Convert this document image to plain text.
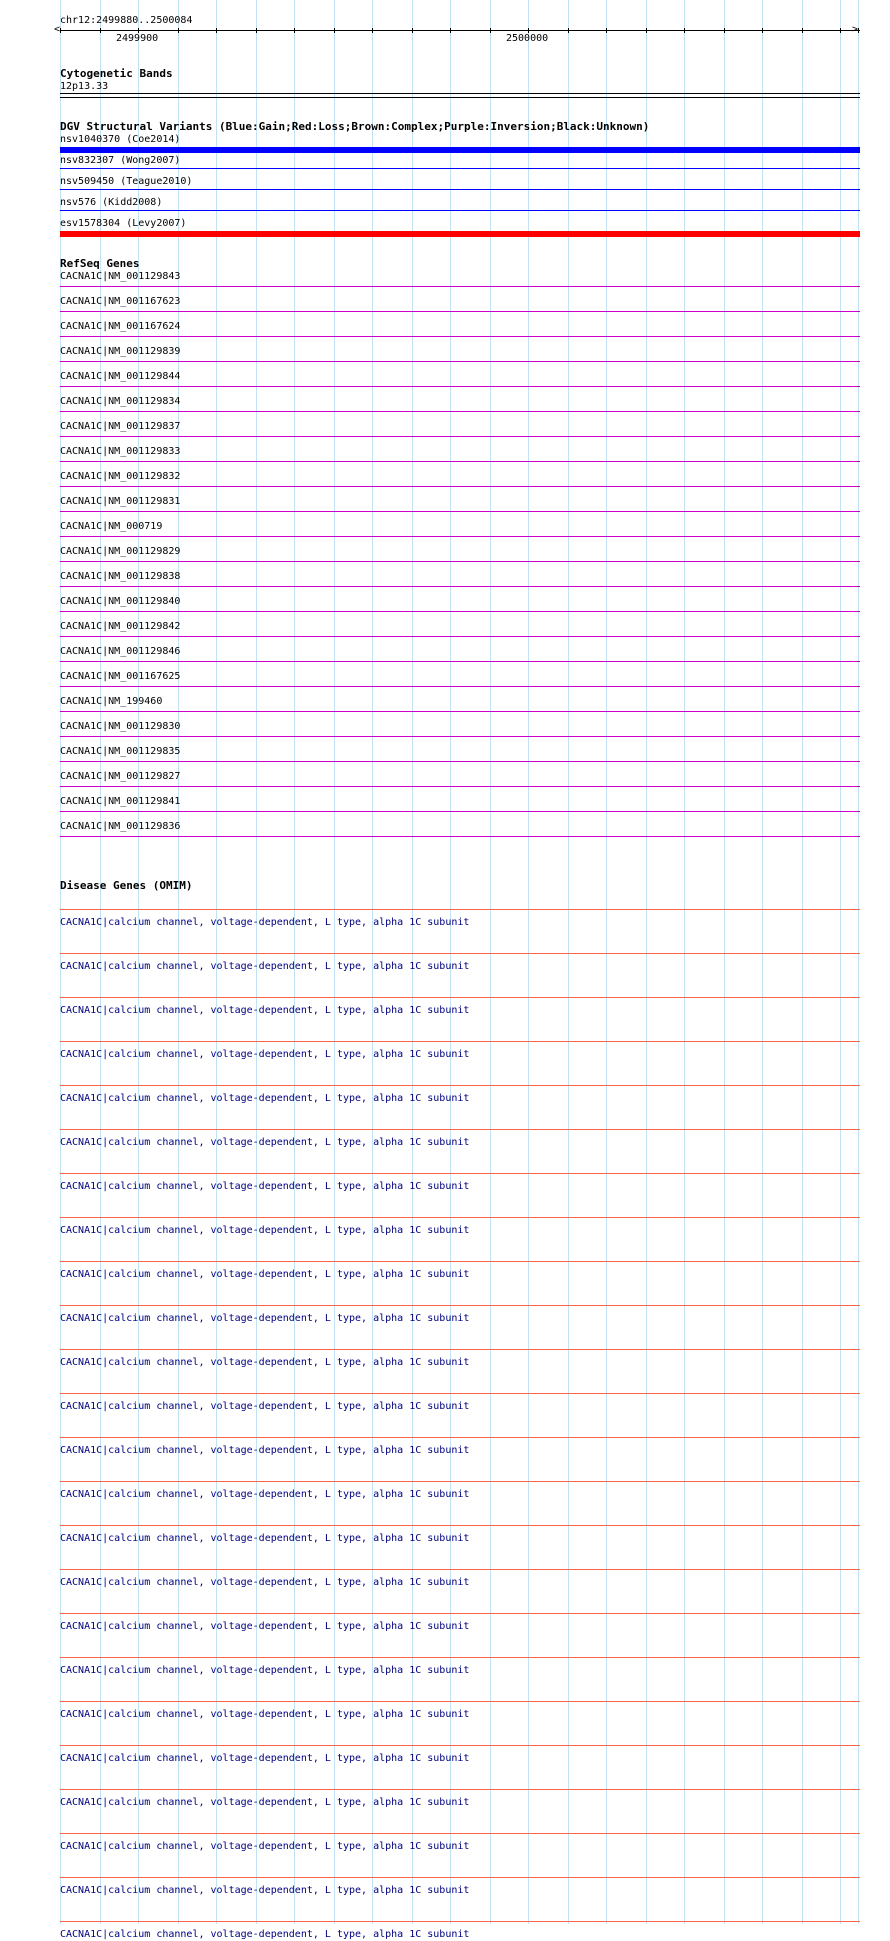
chr12:2499880..2500084
<	>
2499900	2500000
Cytogenetic Bands
12p13.33
DGV Structural Variants (Blue:Gain;Red:Loss;Brown:Complex;Purple:Inversion;Black:Unknown)
nsv1040370 (Coe2014)
nsv832307 (Wong2007)
nsv509450 (Teague2010)
nsv576 (Kidd2008)
esv1578304 (Levy2007)
RefSeq Genes
CACNA1C|NM_001129843
CACNA1C|NM_001167623
CACNA1C|NM_001167624
CACNA1C|NM_001129839
CACNA1C|NM_001129844
CACNA1C|NM_001129834
CACNA1C|NM_001129837
CACNA1C|NM_001129833
CACNA1C|NM_001129832
CACNA1C|NM_001129831
CACNA1C|NM_000719
CACNA1C|NM_001129829
CACNA1C|NM_001129838
CACNA1C|NM_001129840
CACNA1C|NM_001129842
CACNA1C|NM_001129846
CACNA1C|NM_001167625
CACNA1C|NM_199460
CACNA1C|NM_001129830
CACNA1C|NM_001129835
CACNA1C|NM_001129827
CACNA1C|NM_001129841
CACNA1C|NM_001129836
Disease Genes (OMIM)
CACNA1C|calcium channel, voltage-dependent, L type, alpha 1C subunit
CACNA1C|calcium channel, voltage-dependent, L type, alpha 1C subunit
CACNA1C|calcium channel, voltage-dependent, L type, alpha 1C subunit
CACNA1C|calcium channel, voltage-dependent, L type, alpha 1C subunit
CACNA1C|calcium channel, voltage-dependent, L type, alpha 1C subunit
CACNA1C|calcium channel, voltage-dependent, L type, alpha 1C subunit
CACNA1C|calcium channel, voltage-dependent, L type, alpha 1C subunit
CACNA1C|calcium channel, voltage-dependent, L type, alpha 1C subunit
CACNA1C|calcium channel, voltage-dependent, L type, alpha 1C subunit
CACNA1C|calcium channel, voltage-dependent, L type, alpha 1C subunit
CACNA1C|calcium channel, voltage-dependent, L type, alpha 1C subunit
CACNA1C|calcium channel, voltage-dependent, L type, alpha 1C subunit
CACNA1C|calcium channel, voltage-dependent, L type, alpha 1C subunit
CACNA1C|calcium channel, voltage-dependent, L type, alpha 1C subunit
CACNA1C|calcium channel, voltage-dependent, L type, alpha 1C subunit
CACNA1C|calcium channel, voltage-dependent, L type, alpha 1C subunit
CACNA1C|calcium channel, voltage-dependent, L type, alpha 1C subunit
CACNA1C|calcium channel, voltage-dependent, L type, alpha 1C subunit
CACNA1C|calcium channel, voltage-dependent, L type, alpha 1C subunit
CACNA1C|calcium channel, voltage-dependent, L type, alpha 1C subunit
CACNA1C|calcium channel, voltage-dependent, L type, alpha 1C subunit
CACNA1C|calcium channel, voltage-dependent, L type, alpha 1C subunit
CACNA1C|calcium channel, voltage-dependent, L type, alpha 1C subunit
CACNA1C|calcium channel, voltage-dependent, L type, alpha 1C subunit
